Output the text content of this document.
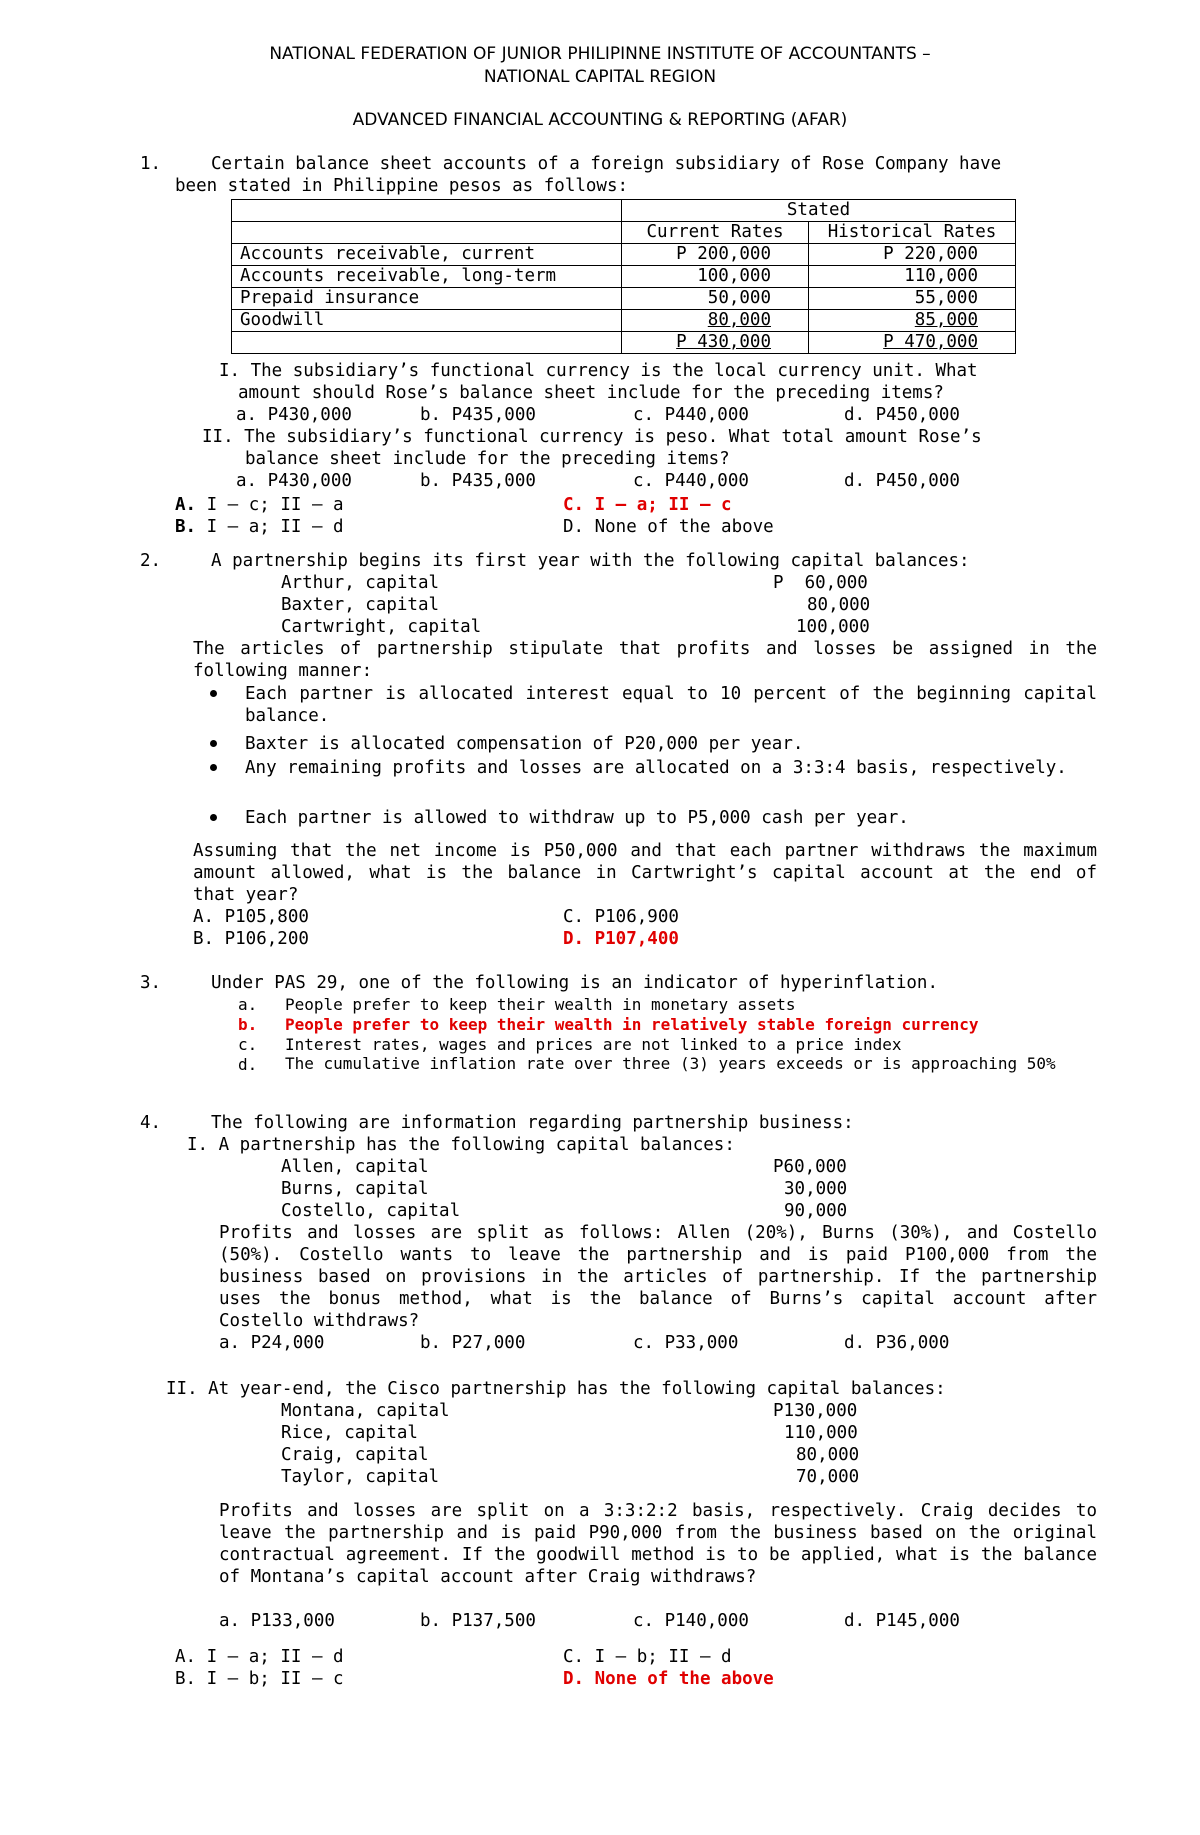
NATIONAL FEDERATION OF JUNIOR PHILIPINNE INSTITUTE OF ACCOUNTANTS –
NATIONAL CAPITAL REGION
ADVANCED FINANCIAL ACCOUNTING & REPORTING (AFAR)
1.	Certain balance sheet accounts of a foreign subsidiary of Rose Company have
been stated in Philippine pesos as follows:
	Stated	
	Current Rates	Historical Rates
Accounts receivable, current	P 200,000	P 220,000
Accounts receivable, long-term	100,000	110,000
Prepaid insurance	50,000	55,000
Goodwill	80,000	85,000
	P 430,000	P 470,000
I. The subsidiary’s functional currency is the local currency unit. What
amount should Rose’s balance sheet include for the preceding items?
a. P430,000	b. P435,000	c. P440,000	d. P450,000
II. The subsidiary’s functional currency is peso. What total amount Rose’s
balance sheet include for the preceding items?
a. P430,000	b. P435,000	c. P440,000	d. P450,000
A. I – c; II – a	C. I – a; II – c
B. I – a; II – d	D. None of the above
2.	A partnership begins its first year with the following capital balances:
Arthur, capital	P  60,000
Baxter, capital	80,000
Cartwright, capital	100,000
The articles of partnership stipulate that profits and losses be assigned in the following manner:
Each partner is allocated interest equal to 10 percent of the beginning capital balance.
Baxter is allocated compensation of P20,000 per year.
Any remaining profits and losses are allocated on a 3:3:4 basis, respectively.
Each partner is allowed to withdraw up to P5,000 cash per year.
Assuming that the net income is P50,000 and that each partner withdraws the maximum amount allowed, what is the balance in Cartwright’s capital account at the end of that year?
A. P105,800	C. P106,900
B. P106,200	D. P107,400
3.	Under PAS 29, one of the following is an indicator of hyperinflation.
a. People prefer to keep their wealth in monetary assets
b. People prefer to keep their wealth in relatively stable foreign currency
c. Interest rates, wages and prices are not linked to a price index
d. The cumulative inflation rate over three (3) years exceeds or is approaching 50%
4.	The following are information regarding partnership business:
I. A partnership has the following capital balances:
Allen, capital	P60,000
Burns, capital	30,000
Costello, capital	90,000
Profits and losses are split as follows: Allen (20%), Burns (30%), and Costello (50%). Costello wants to leave the partnership and is paid P100,000 from the business based on provisions in the articles of partnership. If the partnership uses the bonus method, what is the balance of Burns’s capital account after Costello withdraws?
a. P24,000	b. P27,000	c. P33,000	d. P36,000
II. At year-end, the Cisco partnership has the following capital balances:
Montana, capital	P130,000
Rice, capital	110,000
Craig, capital	80,000
Taylor, capital	70,000
Profits and losses are split on a 3:3:2:2 basis, respectively. Craig decides to leave the partnership and is paid P90,000 from the business based on the original contractual agreement. If the goodwill method is to be applied, what is the balance of Montana’s capital account after Craig withdraws?
a. P133,000	b. P137,500	c. P140,000	d. P145,000
A. I – a; II – d	C. I – b; II – d
B. I – b; II – c	D. None of the above
